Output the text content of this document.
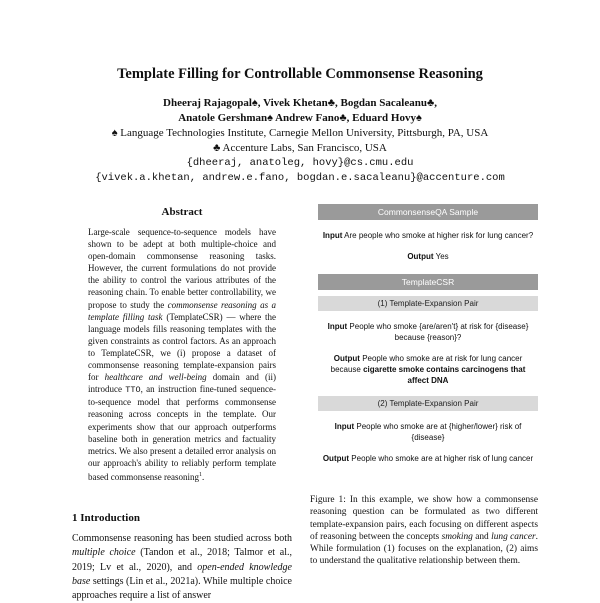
Template Filling for Controllable Commonsense Reasoning
Dheeraj Rajagopal♠, Vivek Khetan♣, Bogdan Sacaleanu♣,
Anatole Gershman♠ Andrew Fano♣, Eduard Hovy♠
♠ Language Technologies Institute, Carnegie Mellon University, Pittsburgh, PA, USA
♣ Accenture Labs, San Francisco, USA
{dheeraj, anatoleg, hovy}@cs.cmu.edu
{vivek.a.khetan, andrew.e.fano, bogdan.e.sacaleanu}@accenture.com
Abstract
Large-scale sequence-to-sequence models have shown to be adept at both multiple-choice and open-domain commonsense reasoning tasks. However, the current formulations do not provide the ability to control the various attributes of the reasoning chain. To enable better controllability, we propose to study the commonsense reasoning as a template filling task (TemplateCSR) — where the language models fills reasoning templates with the given constraints as control factors. As an approach to TemplateCSR, we (i) propose a dataset of commonsense reasoning template-expansion pairs for healthcare and well-being domain and (ii) introduce TTO, an instruction fine-tuned sequence-to-sequence model that performs commonsense reasoning across concepts in the template. Our experiments show that our approach outperforms baseline both in generation metrics and factuality metrics. We also present a detailed error analysis on our approach's ability to reliably perform template based commonsense reasoning$^1$.
1 Introduction
Commonsense reasoning has been studied across both multiple choice (Tandon et al., 2018; Talmor et al., 2019; Lv et al., 2020), and open-ended knowledge base settings (Lin et al., 2021a). While multiple choice approaches require a list of answer
CommonsenseQA Sample
Input Are people who smoke at higher risk for lung cancer?
Output Yes
TemplateCSR
(1) Template-Expansion Pair
Input People who smoke {are/aren't} at risk for {disease} because {reason}?
Output People who smoke are at risk for lung cancer because cigarette smoke contains carcinogens that affect DNA
(2) Template-Expansion Pair
Input People who smoke are at {higher/lower} risk of {disease}
Output People who smoke are at higher risk of lung cancer
Figure 1: In this example, we show how a commonsense reasoning question can be formulated as two different template-expansion pairs, each focusing on different aspects of reasoning between the concepts smoking and lung cancer. While formulation (1) focuses on the explanation, (2) aims to understand the qualitative relationship between them.
